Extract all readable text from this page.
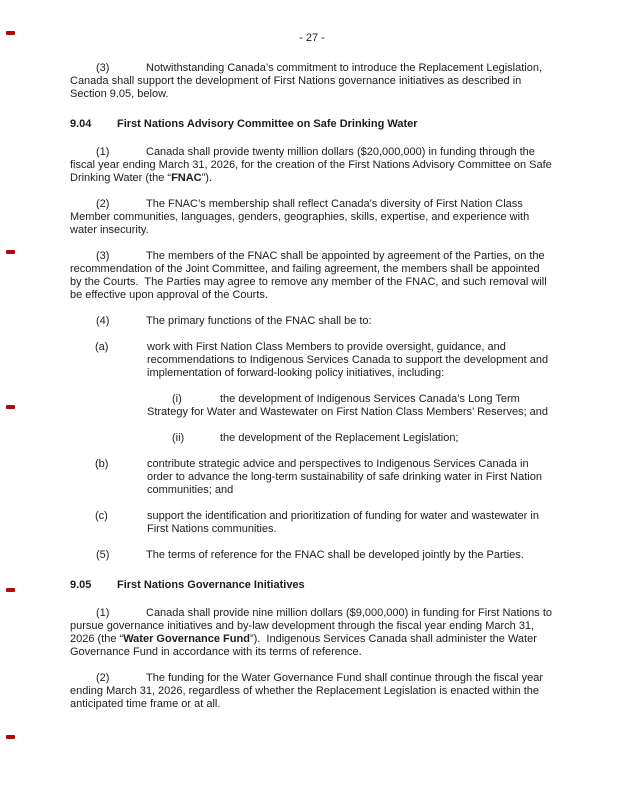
- 27 -

(3)	Notwithstanding Canada’s commitment to introduce the Replacement Legislation, Canada shall support the development of First Nations governance initiatives as described in Section 9.05, below.

9.04 First Nations Advisory Committee on Safe Drinking Water

(1)	Canada shall provide twenty million dollars ($20,000,000) in funding through the fiscal year ending March 31, 2026, for the creation of the First Nations Advisory Committee on Safe Drinking Water (the “FNAC”).

(2)	The FNAC’s membership shall reflect Canada’s diversity of First Nation Class Member communities, languages, genders, geographies, skills, expertise, and experience with water insecurity.

(3)	The members of the FNAC shall be appointed by agreement of the Parties, on the recommendation of the Joint Committee, and failing agreement, the members shall be appointed by the Courts.  The Parties may agree to remove any member of the FNAC, and such removal will be effective upon approval of the Courts.

(4)	The primary functions of the FNAC shall be to:

(a)	work with First Nation Class Members to provide oversight, guidance, and recommendations to Indigenous Services Canada to support the development and implementation of forward-looking policy initiatives, including:

(i)	the development of Indigenous Services Canada’s Long Term Strategy for Water and Wastewater on First Nation Class Members’ Reserves; and

(ii)	the development of the Replacement Legislation;

(b)	contribute strategic advice and perspectives to Indigenous Services Canada in order to advance the long-term sustainability of safe drinking water in First Nation communities; and

(c)	support the identification and prioritization of funding for water and wastewater in First Nations communities.

(5)	The terms of reference for the FNAC shall be developed jointly by the Parties.

9.05 First Nations Governance Initiatives

(1)	Canada shall provide nine million dollars ($9,000,000) in funding for First Nations to pursue governance initiatives and by-law development through the fiscal year ending March 31, 2026 (the “Water Governance Fund”).  Indigenous Services Canada shall administer the Water Governance Fund in accordance with its terms of reference.

(2)	The funding for the Water Governance Fund shall continue through the fiscal year ending March 31, 2026, regardless of whether the Replacement Legislation is enacted within the anticipated time frame or at all.
